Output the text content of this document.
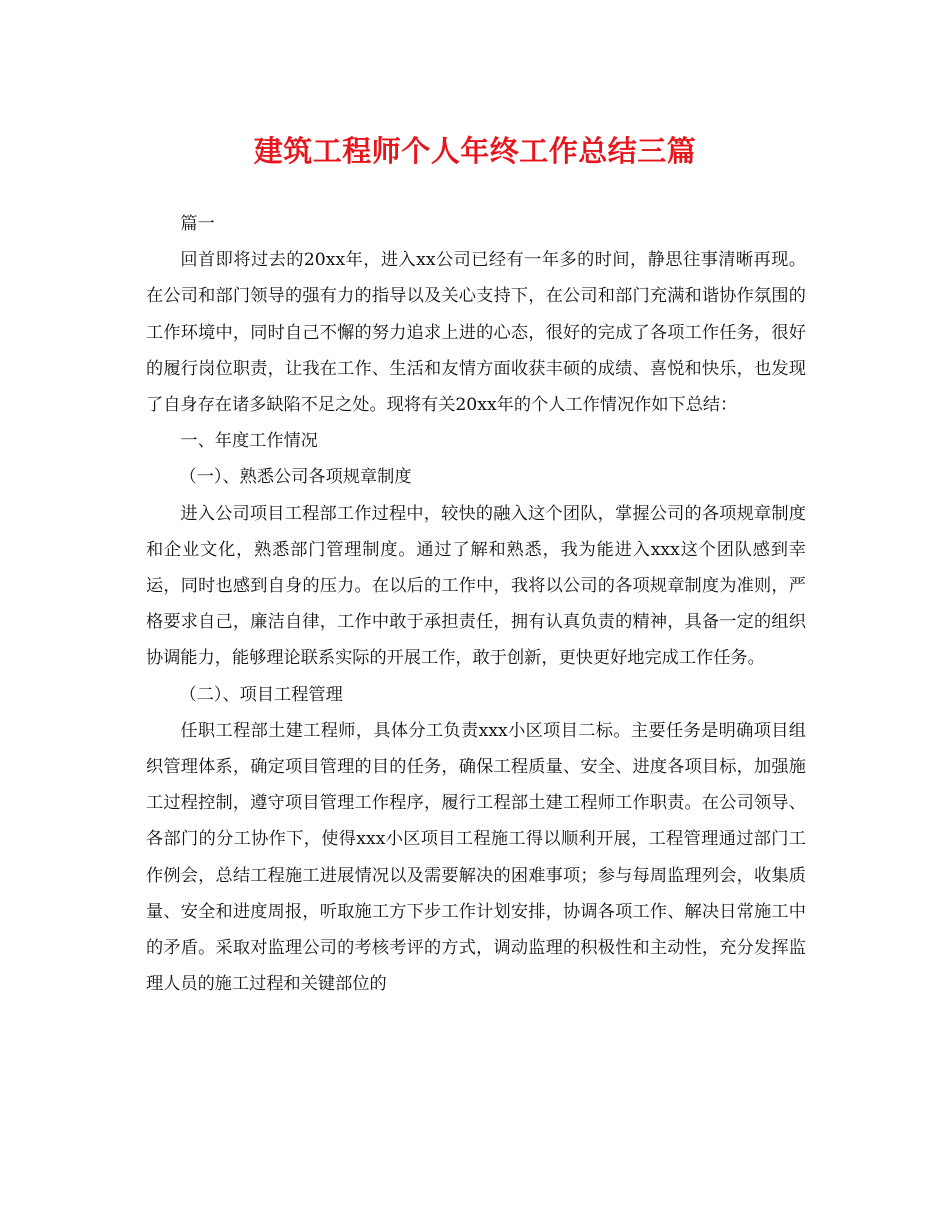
建筑工程师个人年终工作总结三篇

篇一

回首即将过去的20xx年，进入xx公司已经有一年多的时间，静思往事清晰再现。在公司和部门领导的强有力的指导以及关心支持下，在公司和部门充满和谐协作氛围的工作环境中，同时自己不懈的努力追求上进的心态，很好的完成了各项工作任务，很好的履行岗位职责，让我在工作、生活和友情方面收获丰硕的成绩、喜悦和快乐，也发现了自身存在诸多缺陷不足之处。现将有关20xx年的个人工作情况作如下总结：

一、年度工作情况

（一）、熟悉公司各项规章制度

进入公司项目工程部工作过程中，较快的融入这个团队，掌握公司的各项规章制度和企业文化，熟悉部门管理制度。通过了解和熟悉，我为能进入xxx这个团队感到幸运，同时也感到自身的压力。在以后的工作中，我将以公司的各项规章制度为准则，严格要求自己，廉洁自律，工作中敢于承担责任，拥有认真负责的精神，具备一定的组织协调能力，能够理论联系实际的开展工作，敢于创新，更快更好地完成工作任务。

（二）、项目工程管理

任职工程部土建工程师，具体分工负责xxx小区项目二标。主要任务是明确项目组织管理体系，确定项目管理的目的任务，确保工程质量、安全、进度各项目标，加强施工过程控制，遵守项目管理工作程序，履行工程部土建工程师工作职责。在公司领导、各部门的分工协作下，使得xxx小区项目工程施工得以顺利开展，工程管理通过部门工作例会，总结工程施工进展情况以及需要解决的困难事项；参与每周监理列会，收集质量、安全和进度周报，听取施工方下步工作计划安排，协调各项工作、解决日常施工中的矛盾。采取对监理公司的考核考评的方式，调动监理的积极性和主动性，充分发挥监理人员的施工过程和关键部位的
